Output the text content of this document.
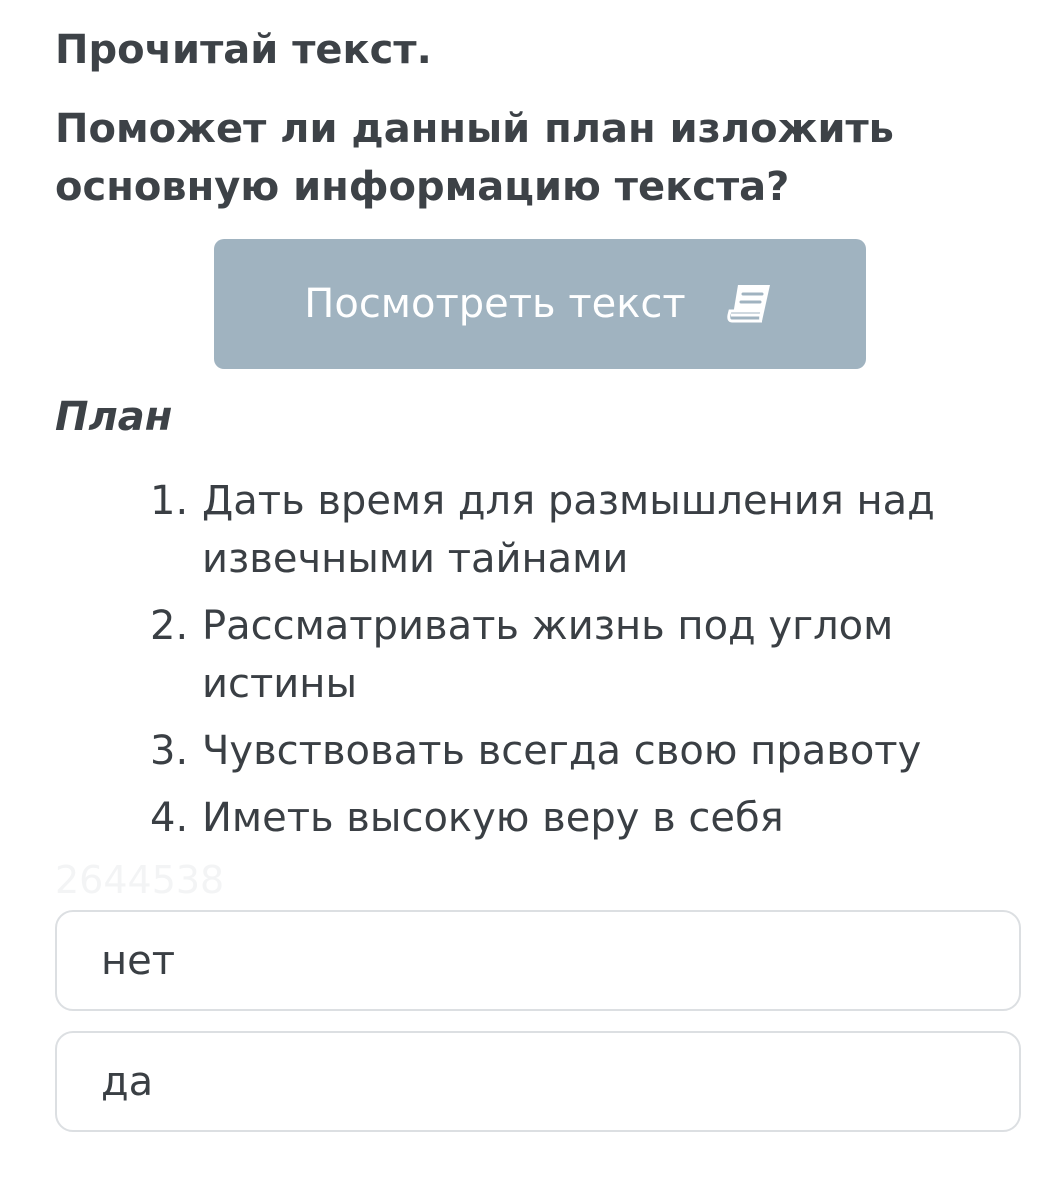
Прочитай текст.

Поможет ли данный план изложить основную информацию текста?

Посмотреть текст

План

1. Дать время для размышления над извечными тайнами
2. Рассматривать жизнь под углом истины
3. Чувствовать всегда свою правоту
4. Иметь высокую веру в себя
2644538
нет
да
